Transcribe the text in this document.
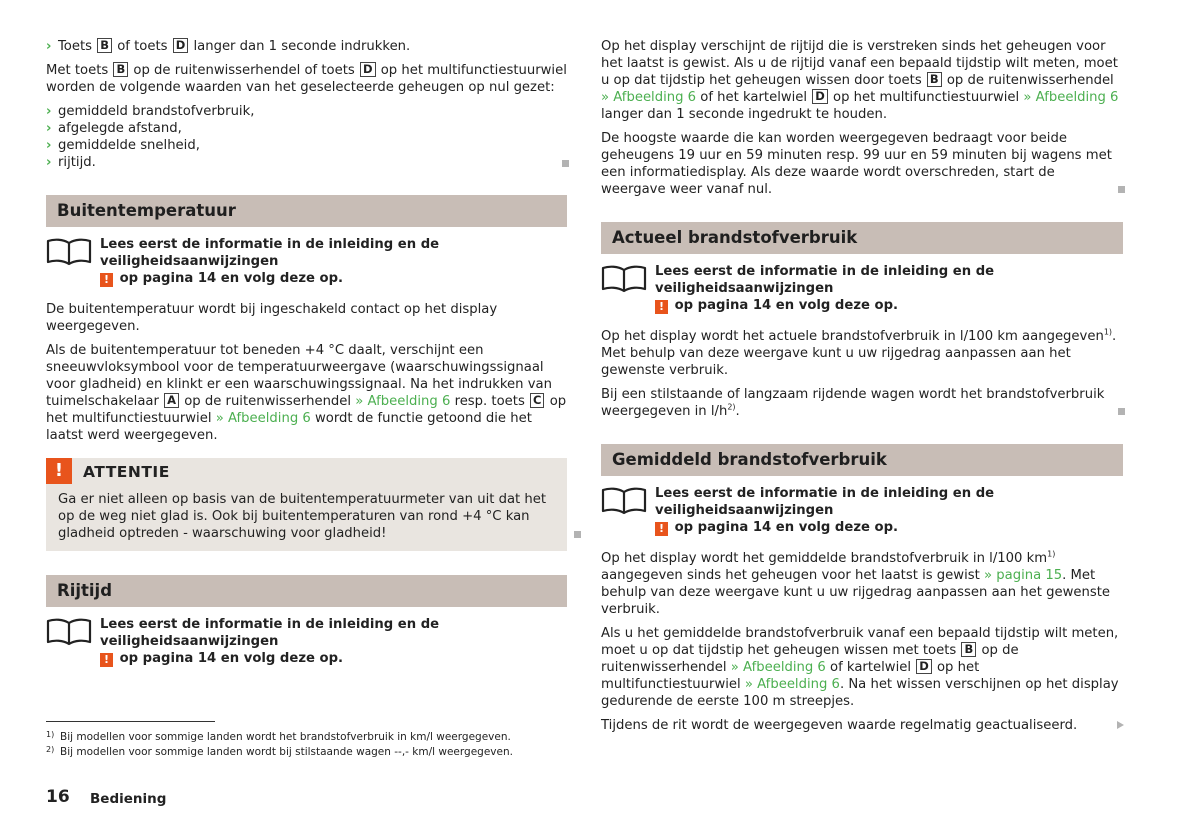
› Toets B of toets D langer dan 1 seconde indrukken.

Met toets B op de ruitenwisserhendel of toets D op het multifunctiestuurwiel worden de volgende waarden van het geselecteerde geheugen op nul gezet:

› gemiddeld brandstofverbruik,
› afgelegde afstand,
› gemiddelde snelheid,
› rijtijd.
Buitentemperatuur
Lees eerst de informatie in de inleiding en de veiligheidsaanwijzingen
! op pagina 14 en volg deze op.

De buitentemperatuur wordt bij ingeschakeld contact op het display weergegeven.

Als de buitentemperatuur tot beneden +4 °C daalt, verschijnt een sneeuwvloksymbool voor de temperatuurweergave (waarschuwingssignaal voor gladheid) en klinkt er een waarschuwingssignaal. Na het indrukken van tuimelschakelaar A op de ruitenwisserhendel » Afbeelding 6 resp. toets C op het multifunctiestuurwiel » Afbeelding 6 wordt de functie getoond die het laatst werd weergegeven.

!	ATTENTIE
Ga er niet alleen op basis van de buitentemperatuurmeter van uit dat het op de weg niet glad is. Ook bij buitentemperaturen van rond +4 °C kan gladheid optreden - waarschuwing voor gladheid!
Rijtijd
Lees eerst de informatie in de inleiding en de veiligheidsaanwijzingen
! op pagina 14 en volg deze op.

Op het display verschijnt de rijtijd die is verstreken sinds het geheugen voor het laatst is gewist. Als u de rijtijd vanaf een bepaald tijdstip wilt meten, moet u op dat tijdstip het geheugen wissen door toets B op de ruitenwisserhendel » Afbeelding 6 of het kartelwiel D op het multifunctiestuurwiel » Afbeelding 6 langer dan 1 seconde ingedrukt te houden.

De hoogste waarde die kan worden weergegeven bedraagt voor beide geheugens 19 uur en 59 minuten resp. 99 uur en 59 minuten bij wagens met een informatiedisplay. Als deze waarde wordt overschreden, start de weergave weer vanaf nul.

Actueel brandstofverbruik
Lees eerst de informatie in de inleiding en de veiligheidsaanwijzingen
! op pagina 14 en volg deze op.

Op het display wordt het actuele brandstofverbruik in l/100 km aangegeven$^{1)}$. Met behulp van deze weergave kunt u uw rijgedrag aanpassen aan het gewenste verbruik.

Bij een stilstaande of langzaam rijdende wagen wordt het brandstofverbruik weergegeven in $l/h^{2)}$.

Gemiddeld brandstofverbruik
Lees eerst de informatie in de inleiding en de veiligheidsaanwijzingen
! op pagina 14 en volg deze op.

Op het display wordt het gemiddelde brandstofverbruik in l/100 $km^{1)}$ aangegeven sinds het geheugen voor het laatst is gewist » pagina 15. Met behulp van deze weergave kunt u uw rijgedrag aanpassen aan het gewenste verbruik.

Als u het gemiddelde brandstofverbruik vanaf een bepaald tijdstip wilt meten, moet u op dat tijdstip het geheugen wissen met toets B op de ruitenwisserhendel » Afbeelding 6 of kartelwiel D op het multifunctiestuurwiel » Afbeelding 6. Na het wissen verschijnen op het display gedurende de eerste 100 m streepjes.

Tijdens de rit wordt de weergegeven waarde regelmatig geactualiseerd.

1) Bij modellen voor sommige landen wordt het brandstofverbruik in km/l weergegeven.
2) Bij modellen voor sommige landen wordt bij stilstaande wagen --,- km/l weergegeven.
16 Bediening
